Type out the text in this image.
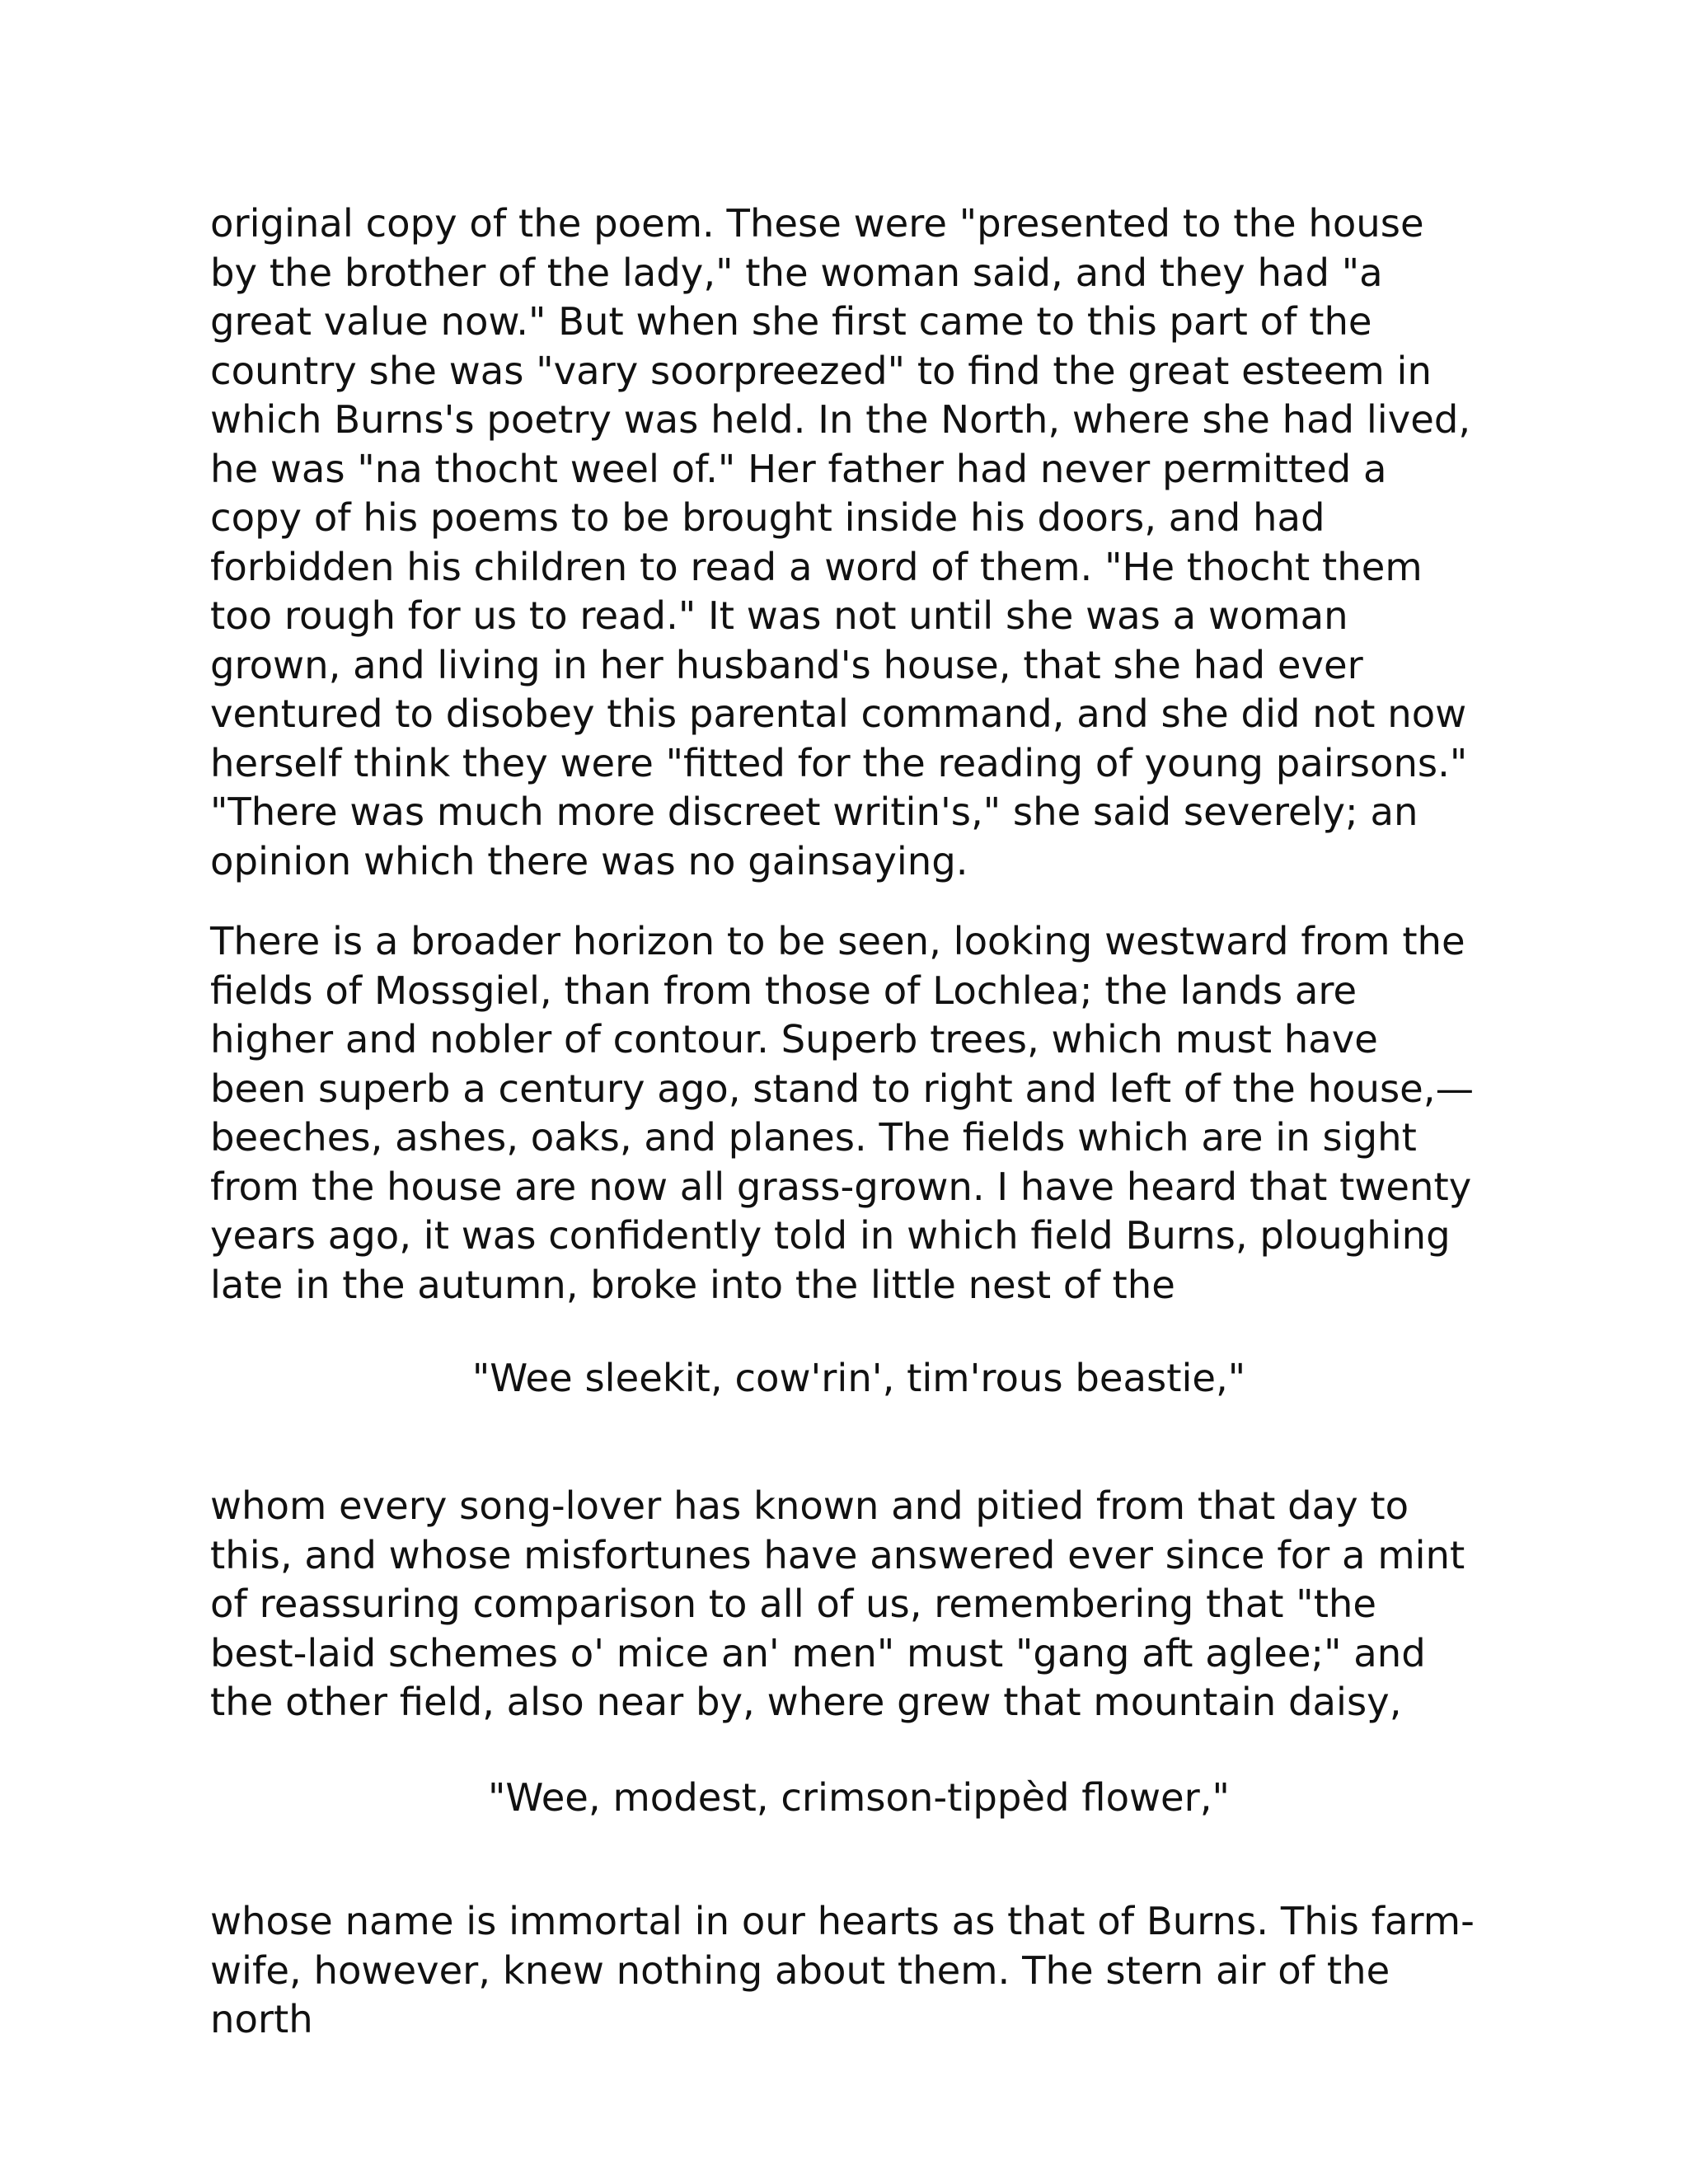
original copy of the poem. These were "presented to the house by the brother of the lady," the woman said, and they had "a great value now." But when she first came to this part of the country she was "vary soorpreezed" to find the great esteem in which Burns's poetry was held. In the North, where she had lived, he was "na thocht weel of." Her father had never permitted a copy of his poems to be brought inside his doors, and had forbidden his children to read a word of them. "He thocht them too rough for us to read." It was not until she was a woman grown, and living in her husband's house, that she had ever ventured to disobey this parental command, and she did not now herself think they were "fitted for the reading of young pairsons." "There was much more discreet writin's," she said severely; an opinion which there was no gainsaying.

There is a broader horizon to be seen, looking westward from the fields of Mossgiel, than from those of Lochlea; the lands are higher and nobler of contour. Superb trees, which must have been superb a century ago, stand to right and left of the house,—beeches, ashes, oaks, and planes. The fields which are in sight from the house are now all grass-grown. I have heard that twenty years ago, it was confidently told in which field Burns, ploughing late in the autumn, broke into the little nest of the

"Wee sleekit, cow'rin', tim'rous beastie,"

whom every song-lover has known and pitied from that day to this, and whose misfortunes have answered ever since for a mint of reassuring comparison to all of us, remembering that "the best-laid schemes o' mice an' men" must "gang aft aglee;" and the other field, also near by, where grew that mountain daisy,

"Wee, modest, crimson-tippèd flower,"

whose name is immortal in our hearts as that of Burns. This farm-wife, however, knew nothing about them. The stern air of the north
